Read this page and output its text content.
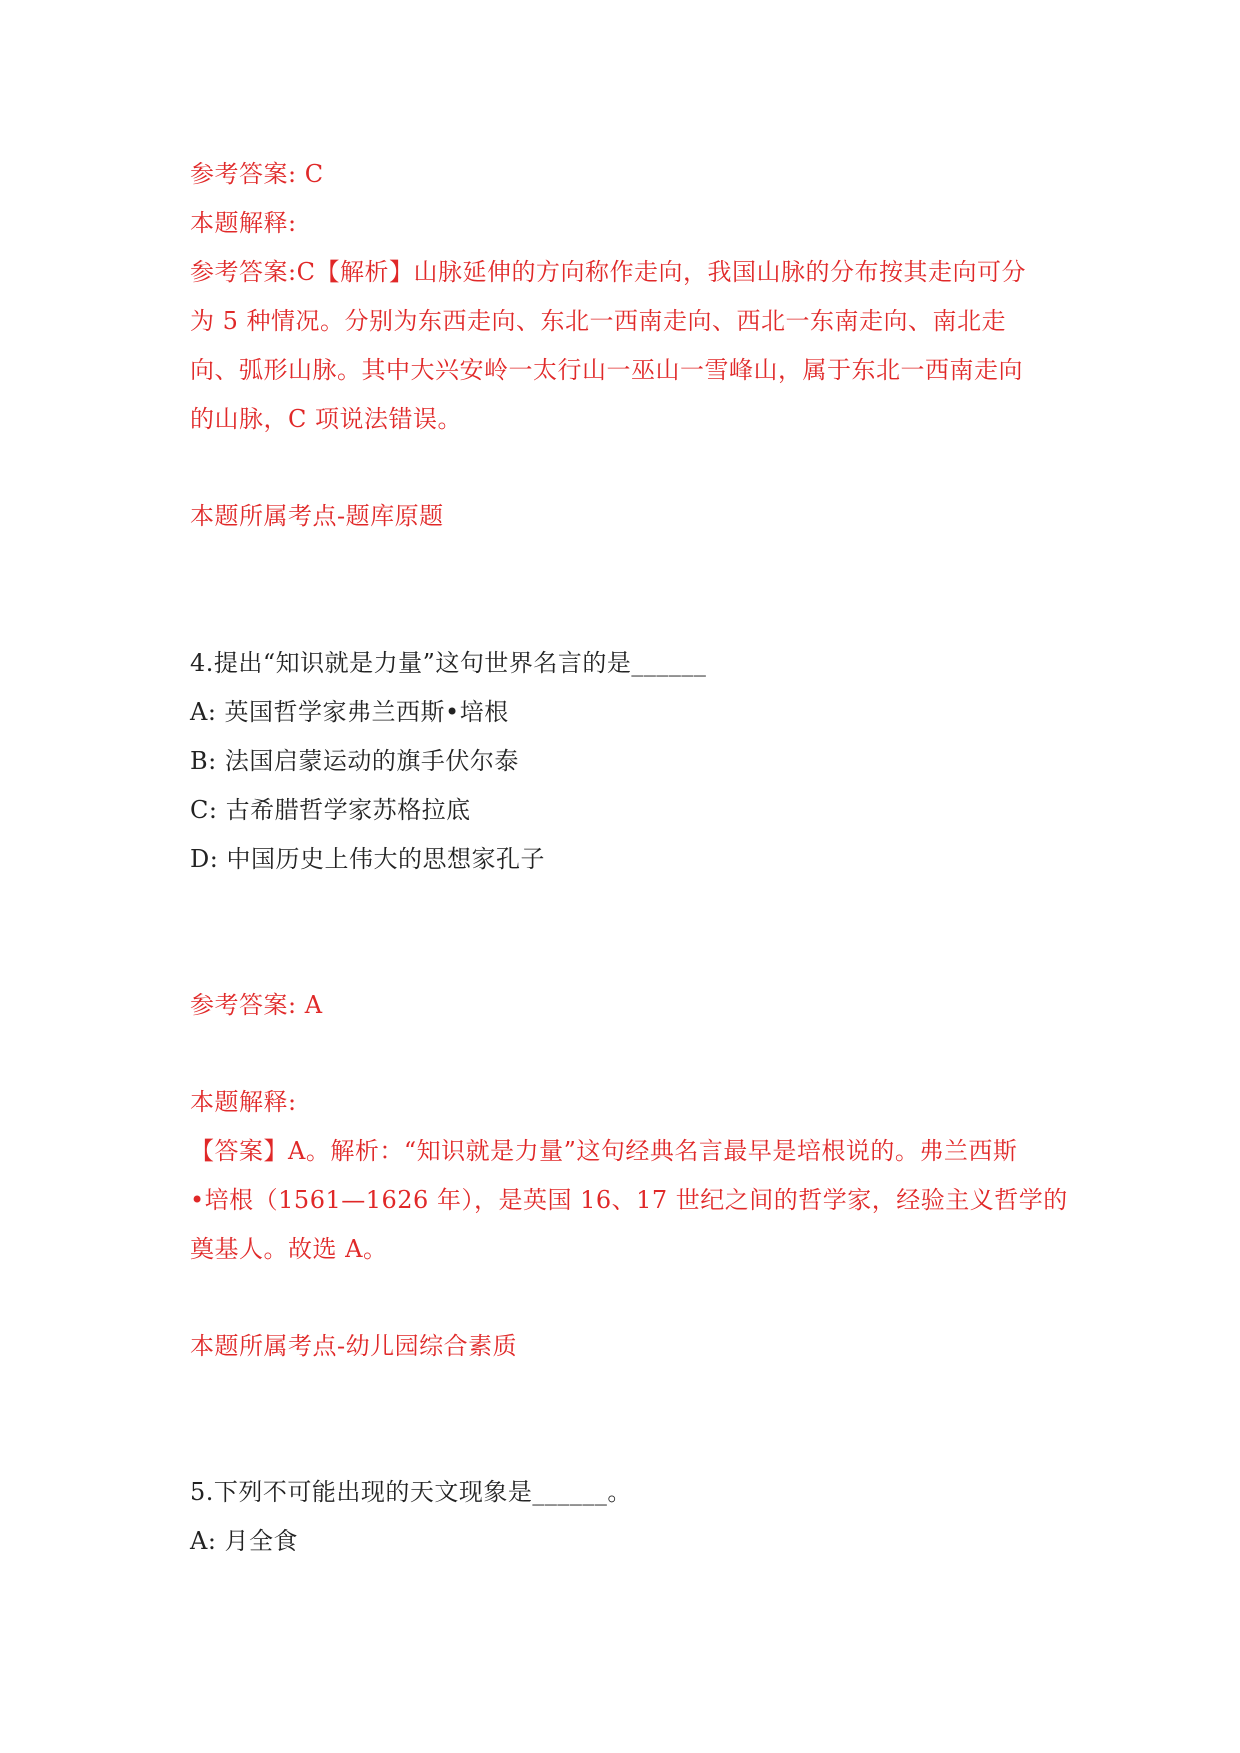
参考答案: C
本题解释:
参考答案:C【解析】山脉延伸的方向称作走向，我国山脉的分布按其走向可分
为 5 种情况。分别为东西走向、东北一西南走向、西北一东南走向、南北走
向、弧形山脉。其中大兴安岭一太行山一巫山一雪峰山，属于东北一西南走向
的山脉，C 项说法错误。
本题所属考点-题库原题
4.提出“知识就是力量”这句世界名言的是______
A: 英国哲学家弗兰西斯•培根
B: 法国启蒙运动的旗手伏尔泰
C: 古希腊哲学家苏格拉底
D: 中国历史上伟大的思想家孔子
参考答案: A
本题解释:
【答案】A。解析：“知识就是力量”这句经典名言最早是培根说的。弗兰西斯
•培根（1561—1626 年），是英国 16、17 世纪之间的哲学家，经验主义哲学的
奠基人。故选 A。
本题所属考点-幼儿园综合素质
5.下列不可能出现的天文现象是______。
A: 月全食
